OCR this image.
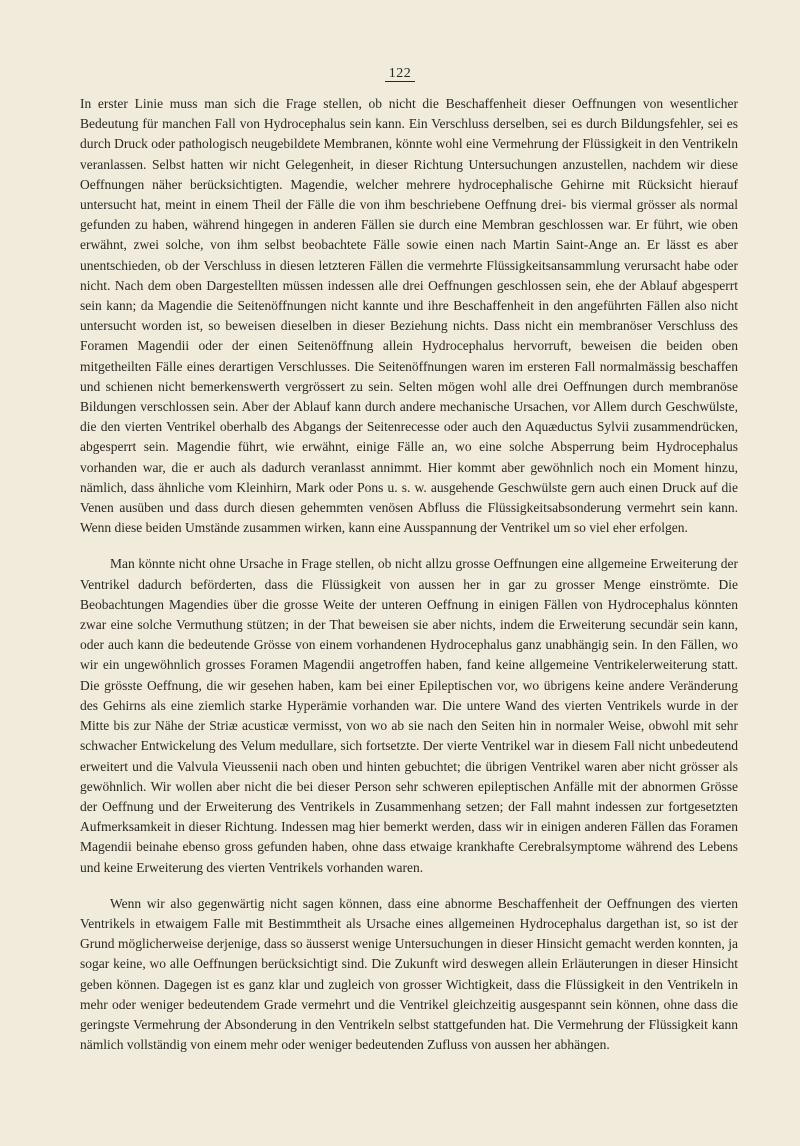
122

In erster Linie muss man sich die Frage stellen, ob nicht die Beschaffenheit dieser Oeffnungen von wesentlicher Bedeutung für manchen Fall von Hydrocephalus sein kann. Ein Verschluss derselben, sei es durch Bildungsfehler, sei es durch Druck oder pathologisch neugebildete Membranen, könnte wohl eine Vermehrung der Flüssigkeit in den Ventrikeln veranlassen. Selbst hatten wir nicht Gelegenheit, in dieser Richtung Untersuchungen anzustellen, nachdem wir diese Oeffnungen näher berücksichtigten. Magendie, welcher mehrere hydrocephalische Gehirne mit Rücksicht hierauf untersucht hat, meint in einem Theil der Fälle die von ihm beschriebene Oeffnung drei- bis viermal grösser als normal gefunden zu haben, während hingegen in anderen Fällen sie durch eine Membran geschlossen war. Er führt, wie oben erwähnt, zwei solche, von ihm selbst beobachtete Fälle sowie einen nach Martin Saint-Ange an. Er lässt es aber unentschieden, ob der Verschluss in diesen letzteren Fällen die vermehrte Flüssigkeitsansammlung verursacht habe oder nicht. Nach dem oben Dargestellten müssen indessen alle drei Oeffnungen geschlossen sein, ehe der Ablauf abgesperrt sein kann; da Magendie die Seitenöffnungen nicht kannte und ihre Beschaffenheit in den angeführten Fällen also nicht untersucht worden ist, so beweisen dieselben in dieser Beziehung nichts. Dass nicht ein membranöser Verschluss des Foramen Magendii oder der einen Seitenöffnung allein Hydrocephalus hervorruft, beweisen die beiden oben mitgetheilten Fälle eines derartigen Verschlusses. Die Seitenöffnungen waren im ersteren Fall normalmässig beschaffen und schienen nicht bemerkenswerth vergrössert zu sein. Selten mögen wohl alle drei Oeffnungen durch membranöse Bildungen verschlossen sein. Aber der Ablauf kann durch andere mechanische Ursachen, vor Allem durch Geschwülste, die den vierten Ventrikel oberhalb des Abgangs der Seitenrecesse oder auch den Aquæductus Sylvii zusammendrücken, abgesperrt sein. Magendie führt, wie erwähnt, einige Fälle an, wo eine solche Absperrung beim Hydrocephalus vorhanden war, die er auch als dadurch veranlasst annimmt. Hier kommt aber gewöhnlich noch ein Moment hinzu, nämlich, dass ähnliche vom Kleinhirn, Mark oder Pons u. s. w. ausgehende Geschwülste gern auch einen Druck auf die Venen ausüben und dass durch diesen gehemmten venösen Abfluss die Flüssigkeitsabsonderung vermehrt sein kann. Wenn diese beiden Umstände zusammen wirken, kann eine Ausspannung der Ventrikel um so viel eher erfolgen.

Man könnte nicht ohne Ursache in Frage stellen, ob nicht allzu grosse Oeffnungen eine allgemeine Erweiterung der Ventrikel dadurch beförderten, dass die Flüssigkeit von aussen her in gar zu grosser Menge einströmte. Die Beobachtungen Magendies über die grosse Weite der unteren Oeffnung in einigen Fällen von Hydrocephalus könnten zwar eine solche Vermuthung stützen; in der That beweisen sie aber nichts, indem die Erweiterung secundär sein kann, oder auch kann die bedeutende Grösse von einem vorhandenen Hydrocephalus ganz unabhängig sein. In den Fällen, wo wir ein ungewöhnlich grosses Foramen Magendii angetroffen haben, fand keine allgemeine Ventrikelerweiterung statt. Die grösste Oeffnung, die wir gesehen haben, kam bei einer Epileptischen vor, wo übrigens keine andere Veränderung des Gehirns als eine ziemlich starke Hyperämie vorhanden war. Die untere Wand des vierten Ventrikels wurde in der Mitte bis zur Nähe der Striæ acusticæ vermisst, von wo ab sie nach den Seiten hin in normaler Weise, obwohl mit sehr schwacher Entwickelung des Velum medullare, sich fortsetzte. Der vierte Ventrikel war in diesem Fall nicht unbedeutend erweitert und die Valvula Vieussenii nach oben und hinten gebuchtet; die übrigen Ventrikel waren aber nicht grösser als gewöhnlich. Wir wollen aber nicht die bei dieser Person sehr schweren epileptischen Anfälle mit der abnormen Grösse der Oeffnung und der Erweiterung des Ventrikels in Zusammenhang setzen; der Fall mahnt indessen zur fortgesetzten Aufmerksamkeit in dieser Richtung. Indessen mag hier bemerkt werden, dass wir in einigen anderen Fällen das Foramen Magendii beinahe ebenso gross gefunden haben, ohne dass etwaige krankhafte Cerebralsymptome während des Lebens und keine Erweiterung des vierten Ventrikels vorhanden waren.

Wenn wir also gegenwärtig nicht sagen können, dass eine abnorme Beschaffenheit der Oeffnungen des vierten Ventrikels in etwaigem Falle mit Bestimmtheit als Ursache eines allgemeinen Hydrocephalus dargethan ist, so ist der Grund möglicherweise derjenige, dass so äusserst wenige Untersuchungen in dieser Hinsicht gemacht werden konnten, ja sogar keine, wo alle Oeffnungen berücksichtigt sind. Die Zukunft wird deswegen allein Erläuterungen in dieser Hinsicht geben können. Dagegen ist es ganz klar und zugleich von grosser Wichtigkeit, dass die Flüssigkeit in den Ventrikeln in mehr oder weniger bedeutendem Grade vermehrt und die Ventrikel gleichzeitig ausgespannt sein können, ohne dass die geringste Vermehrung der Absonderung in den Ventrikeln selbst stattgefunden hat. Die Vermehrung der Flüssigkeit kann nämlich vollständig von einem mehr oder weniger bedeutenden Zufluss von aussen her abhängen.
